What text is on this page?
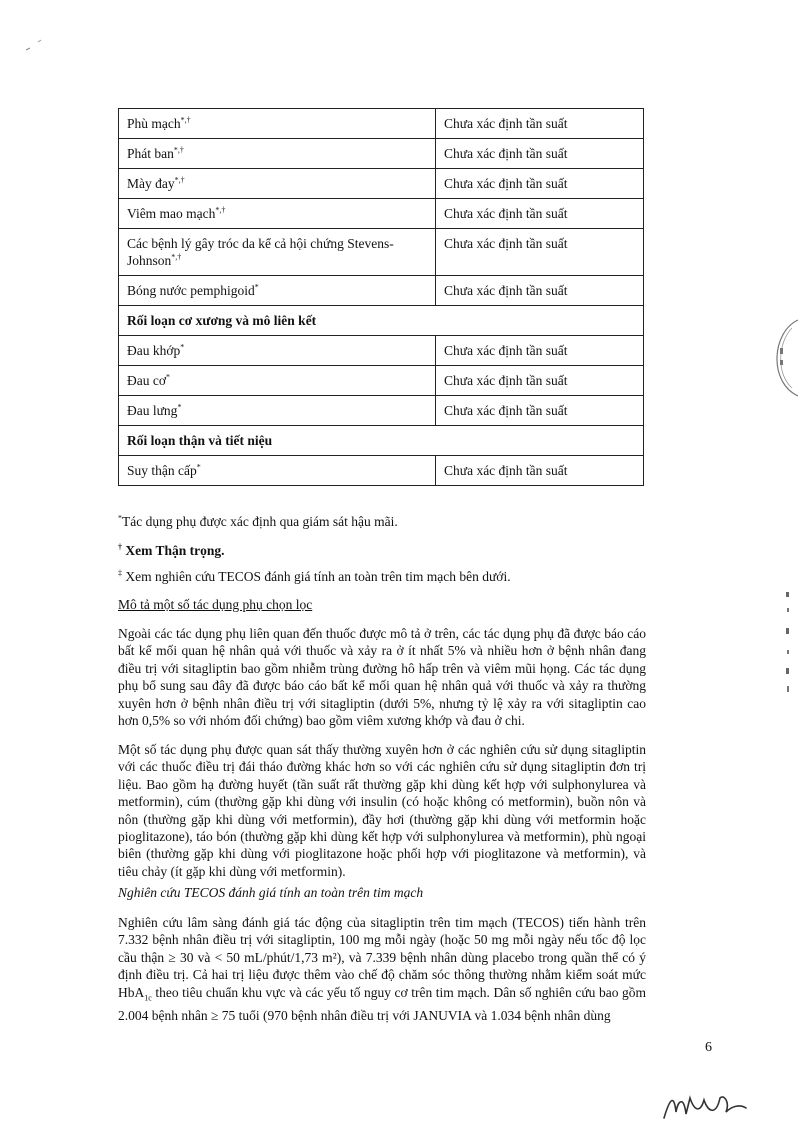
Phù mạch*,†	Chưa xác định tần suất
Phát ban*,†	Chưa xác định tần suất
Mày đay*,†	Chưa xác định tần suất
Viêm mao mạch*,†	Chưa xác định tần suất
Các bệnh lý gây tróc da kể cả hội chứng Stevens-Johnson*,†	Chưa xác định tần suất
Bóng nước pemphigoid*	Chưa xác định tần suất
Rối loạn cơ xương và mô liên kết	
Đau khớp*	Chưa xác định tần suất
Đau cơ*	Chưa xác định tần suất
Đau lưng*	Chưa xác định tần suất
Rối loạn thận và tiết niệu	
Suy thận cấp*	Chưa xác định tần suất
*Tác dụng phụ được xác định qua giám sát hậu mãi.
† Xem Thận trọng.
‡ Xem nghiên cứu TECOS đánh giá tính an toàn trên tim mạch bên dưới.
Mô tả một số tác dụng phụ chọn lọc

Ngoài các tác dụng phụ liên quan đến thuốc được mô tả ở trên, các tác dụng phụ đã được báo cáo bất kể mối quan hệ nhân quả với thuốc và xảy ra ở ít nhất 5% và nhiều hơn ở bệnh nhân đang điều trị với sitagliptin bao gồm nhiễm trùng đường hô hấp trên và viêm mũi họng. Các tác dụng phụ bổ sung sau đây đã được báo cáo bất kể mối quan hệ nhân quả với thuốc và xảy ra thường xuyên hơn ở bệnh nhân điều trị với sitagliptin (dưới 5%, nhưng tỷ lệ xảy ra với sitagliptin cao hơn 0,5% so với nhóm đối chứng) bao gồm viêm xương khớp và đau ở chi.

Một số tác dụng phụ được quan sát thấy thường xuyên hơn ở các nghiên cứu sử dụng sitagliptin với các thuốc điều trị đái tháo đường khác hơn so với các nghiên cứu sử dụng sitagliptin đơn trị liệu. Bao gồm hạ đường huyết (tần suất rất thường gặp khi dùng kết hợp với sulphonylurea và metformin), cúm (thường gặp khi dùng với insulin (có hoặc không có metformin), buồn nôn và nôn (thường gặp khi dùng với metformin), đầy hơi (thường gặp khi dùng với metformin hoặc pioglitazone), táo bón (thường gặp khi dùng kết hợp với sulphonylurea và metformin), phù ngoại biên (thường gặp khi dùng với pioglitazone hoặc phối hợp với pioglitazone và metformin), và tiêu chảy (ít gặp khi dùng với metformin).

Nghiên cứu TECOS đánh giá tính an toàn trên tim mạch

Nghiên cứu lâm sàng đánh giá tác động của sitagliptin trên tim mạch (TECOS) tiến hành trên 7.332 bệnh nhân điều trị với sitagliptin, 100 mg mỗi ngày (hoặc 50 mg mỗi ngày nếu tốc độ lọc cầu thận ≥ 30 và < 50 mL/phút/1,73 m²), và 7.339 bệnh nhân dùng placebo trong quần thể có ý định điều trị. Cả hai trị liệu được thêm vào chế độ chăm sóc thông thường nhằm kiểm soát mức HbA$_{1c}$ theo tiêu chuẩn khu vực và các yếu tố nguy cơ trên tim mạch. Dân số nghiên cứu bao gồm 2.004 bệnh nhân ≥ 75 tuổi (970 bệnh nhân điều trị với JANUVIA và 1.034 bệnh nhân dùng

6
